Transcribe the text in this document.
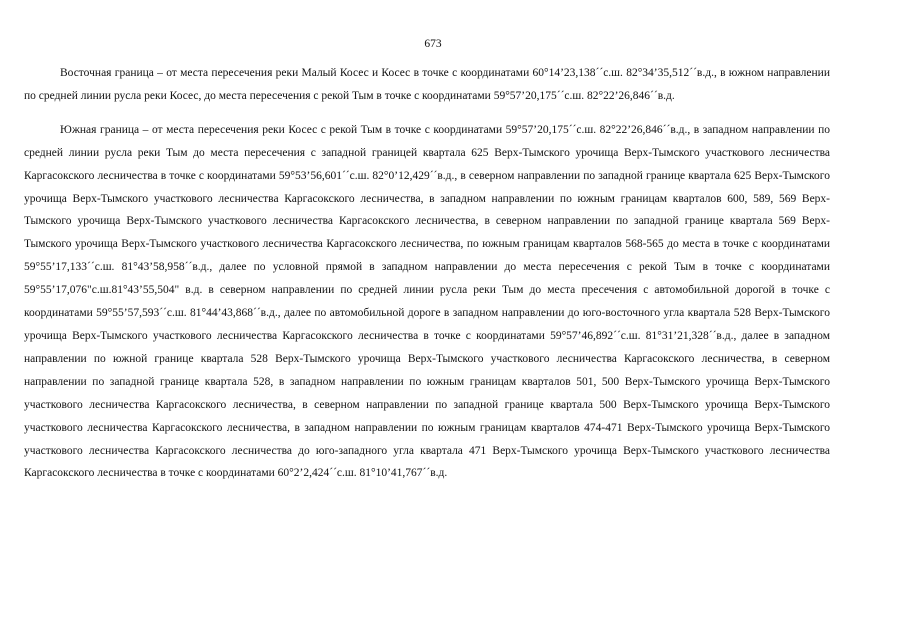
673

Восточная граница – от места пересечения реки Малый Косес и Косес в точке с координатами 60°14’23,138´´с.ш. 82°34’35,512´´в.д., в южном направлении по средней линии русла реки Косес, до места пересечения с рекой Тым в точке с координатами 59°57’20,175´´с.ш. 82°22’26,846´´в.д.

Южная граница – от места пересечения реки Косес с рекой Тым в точке с координатами 59°57’20,175´´с.ш. 82°22’26,846´´в.д., в западном направлении по средней линии русла реки Тым до места пересечения с западной границей квартала 625 Верх-Тымского урочища Верх-Тымского участкового лесничества Каргасокского лесничества в точке с координатами 59°53’56,601´´с.ш. 82°0’12,429´´в.д., в северном направлении по западной границе квартала 625 Верх-Тымского урочища Верх-Тымского участкового лесничества Каргасокского лесничества, в западном направлении по южным границам кварталов 600, 589, 569 Верх-Тымского урочища Верх-Тымского участкового лесничества Каргасокского лесничества, в северном направлении по западной границе квартала 569 Верх-Тымского урочища Верх-Тымского участкового лесничества Каргасокского лесничества, по южным границам кварталов 568-565 до места в точке с координатами 59°55’17,133´´с.ш. 81°43’58,958´´в.д., далее по условной прямой в западном направлении до места пересечения с рекой Тым в точке с координатами 59°55’17,076"с.ш.81°43’55,504" в.д. в северном направлении по средней линии русла реки Тым до места пресечения с автомобильной дорогой в точке с координатами 59°55’57,593´´с.ш. 81°44’43,868´´в.д., далее по автомобильной дороге в западном направлении до юго-восточного угла квартала 528 Верх-Тымского урочища Верх-Тымского участкового лесничества Каргасокского лесничества в точке с координатами 59°57’46,892´´с.ш. 81°31’21,328´´в.д., далее в западном направлении по южной границе квартала 528 Верх-Тымского урочища Верх-Тымского участкового лесничества Каргасокского лесничества, в северном направлении по западной границе квартала 528, в западном направлении по южным границам кварталов 501, 500 Верх-Тымского урочища Верх-Тымского участкового лесничества Каргасокского лесничества, в северном направлении по западной границе квартала 500 Верх-Тымского урочища Верх-Тымского участкового лесничества Каргасокского лесничества, в западном направлении по южным границам кварталов 474-471 Верх-Тымского урочища Верх-Тымского участкового лесничества Каргасокского лесничества до юго-западного угла квартала 471 Верх-Тымского урочища Верх-Тымского участкового лесничества Каргасокского лесничества в точке с координатами 60°2’2,424´´с.ш. 81°10’41,767´´в.д.
